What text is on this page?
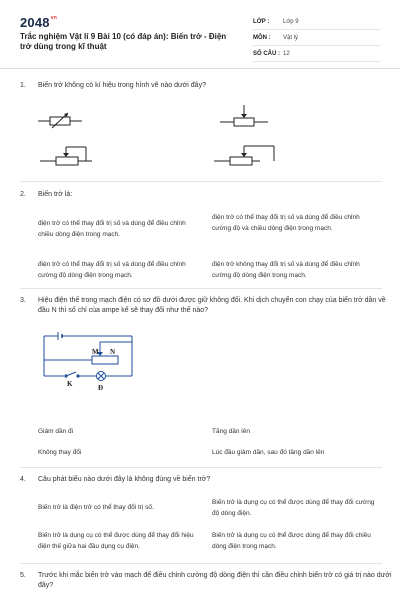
$2048^{vn}$
Trắc nghiệm Vật lí 9 Bài 10 (có đáp án): Biến trở - Điện trở dùng trong kĩ thuật
LỚP :	Lớp 9
MÔN :	Vật lý
SỐ CÂU : 12
1. Biến trở không có kí hiệu trong hình vẽ nào dưới đây?
2. Biến trở là:
điện trở có thể thay đổi trị số và dùng để điều chỉnh chiều dòng điện trong mạch.
điện trở có thể thay đổi trị số và dùng để điều chỉnh cường độ và chiều dòng điện trong mạch.
điện trở có thể thay đổi trị số và dùng để điều chỉnh cường độ dòng điện trong mạch.
điện trở không thay đổi trị số và dùng để điều chỉnh cường độ dòng điện trong mạch.
3. Hiệu điện thế trong mạch điện có sơ đồ dưới được giữ không đổi. Khi dịch chuyển con chạy của biến trở dần về đầu N thì số chỉ của ampe kế sẽ thay đổi như thế nào?
M N
K	Đ
Giảm dần đi	Tăng dần lên
Không thay đổi	Lúc đầu giảm dần, sau đó tăng dần lên
4. Câu phát biểu nào dưới đây là không đúng về biến trở?
Biến trở là điện trở có thể thay đổi trị số.
Biến trở là dụng cụ có thể được dùng để thay đổi cường độ dòng điện.
Biến trở là dụng cụ có thể được dùng để thay đổi hiệu điện thế giữa hai đầu dụng cụ điện.
Biến trở là dụng cụ có thể được dùng để thay đổi chiều dòng điện trong mạch.
5. Trước khi mắc biến trở vào mạch để điều chỉnh cường độ dòng điện thì cần điều chỉnh biến trở có giá trị nào dưới đây?
